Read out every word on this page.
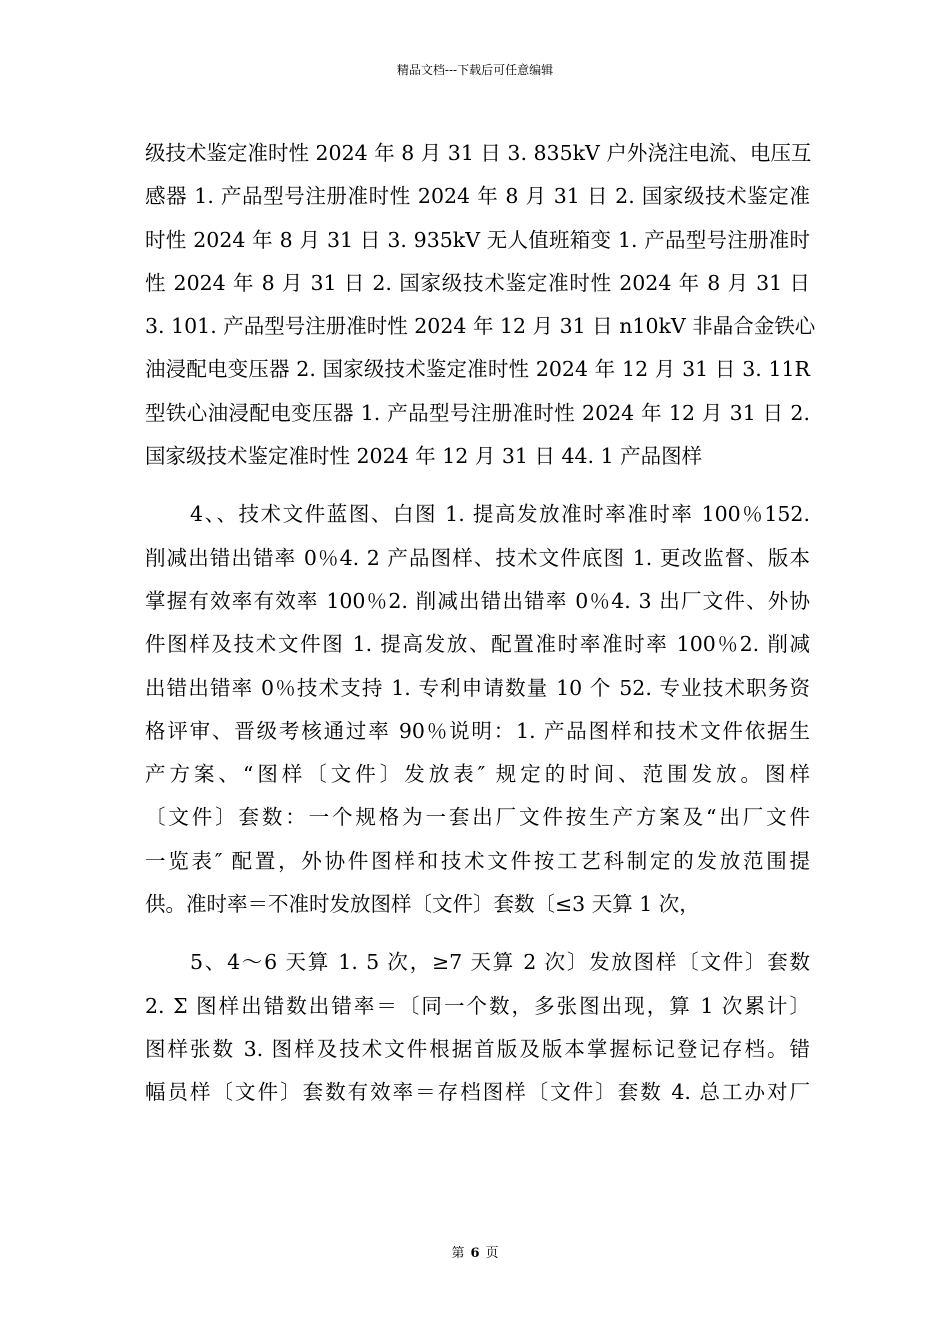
精品文档---下载后可任意编辑
级技术鉴定准时性 2024 年 8 月 31 日 3. 835kV 户外浇注电流、电压互
感器 1. 产品型号注册准时性 2024 年 8 月 31 日 2. 国家级技术鉴定准
时性 2024 年 8 月 31 日 3. 935kV 无人值班箱变 1. 产品型号注册准时
性 2024 年 8 月 31 日 2. 国家级技术鉴定准时性 2024 年 8 月 31 日
3. 101. 产品型号注册准时性 2024 年 12 月 31 日 n10kV 非晶合金铁心
油浸配电变压器 2. 国家级技术鉴定准时性 2024 年 12 月 31 日 3. 11R
型铁心油浸配电变压器 1. 产品型号注册准时性 2024 年 12 月 31 日 2.
国家级技术鉴定准时性 2024 年 12 月 31 日 44. 1 产品图样
4、、技术文件蓝图、白图 1. 提高发放准时率准时率 100％152.
削减出错出错率 0％4. 2 产品图样、技术文件底图 1. 更改监督、版本
掌握有效率有效率 100％2. 削减出错出错率 0％4. 3 出厂文件、外协
件图样及技术文件图 1. 提高发放、配置准时率准时率 100％2. 削减
出错出错率 0％技术支持 1. 专利申请数量 10 个 52. 专业技术职务资
格评审、晋级考核通过率 90％说明：1. 产品图样和技术文件依据生
产方案、“图样〔文件〕发放表″ 规定的时间、范围发放。图样
〔文件〕套数：一个规格为一套出厂文件按生产方案及“出厂文件
一览表″ 配置，外协件图样和技术文件按工艺科制定的发放范围提
供。准时率＝不准时发放图样〔文件〕套数〔≤3 天算 1 次，
5、4～6 天算 1. 5 次，≥7 天算 2 次〕发放图样〔文件〕套数
2. Σ 图样出错数出错率＝〔同一个数，多张图出现，算 1 次累计〕
图样张数 3. 图样及技术文件根据首版及版本掌握标记登记存档。错
幅员样〔文件〕套数有效率＝存档图样〔文件〕套数 4. 总工办对厂
第 6 页
